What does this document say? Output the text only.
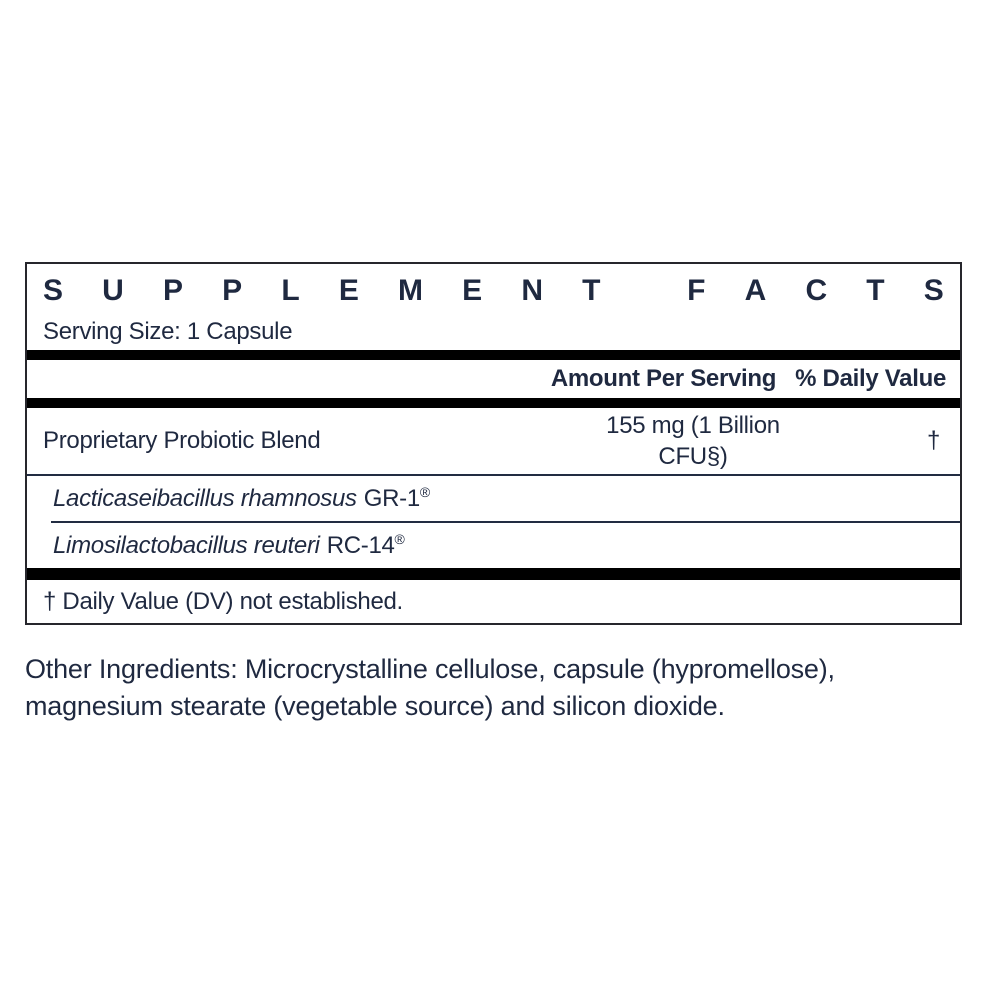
S U P P L E M E N T
	F A C T S
Serving Size: 1 Capsule
Amount Per Serving % Daily Value
Proprietary Probiotic Blend
155 mg (1 Billion
CFU§)
†
Lacticaseibacillus rhamnosus GR-1®
Limosilactobacillus reuteri RC-14®
† Daily Value (DV) not established.

Other Ingredients: Microcrystalline cellulose, capsule (hypromellose),
magnesium stearate (vegetable source) and silicon dioxide.
